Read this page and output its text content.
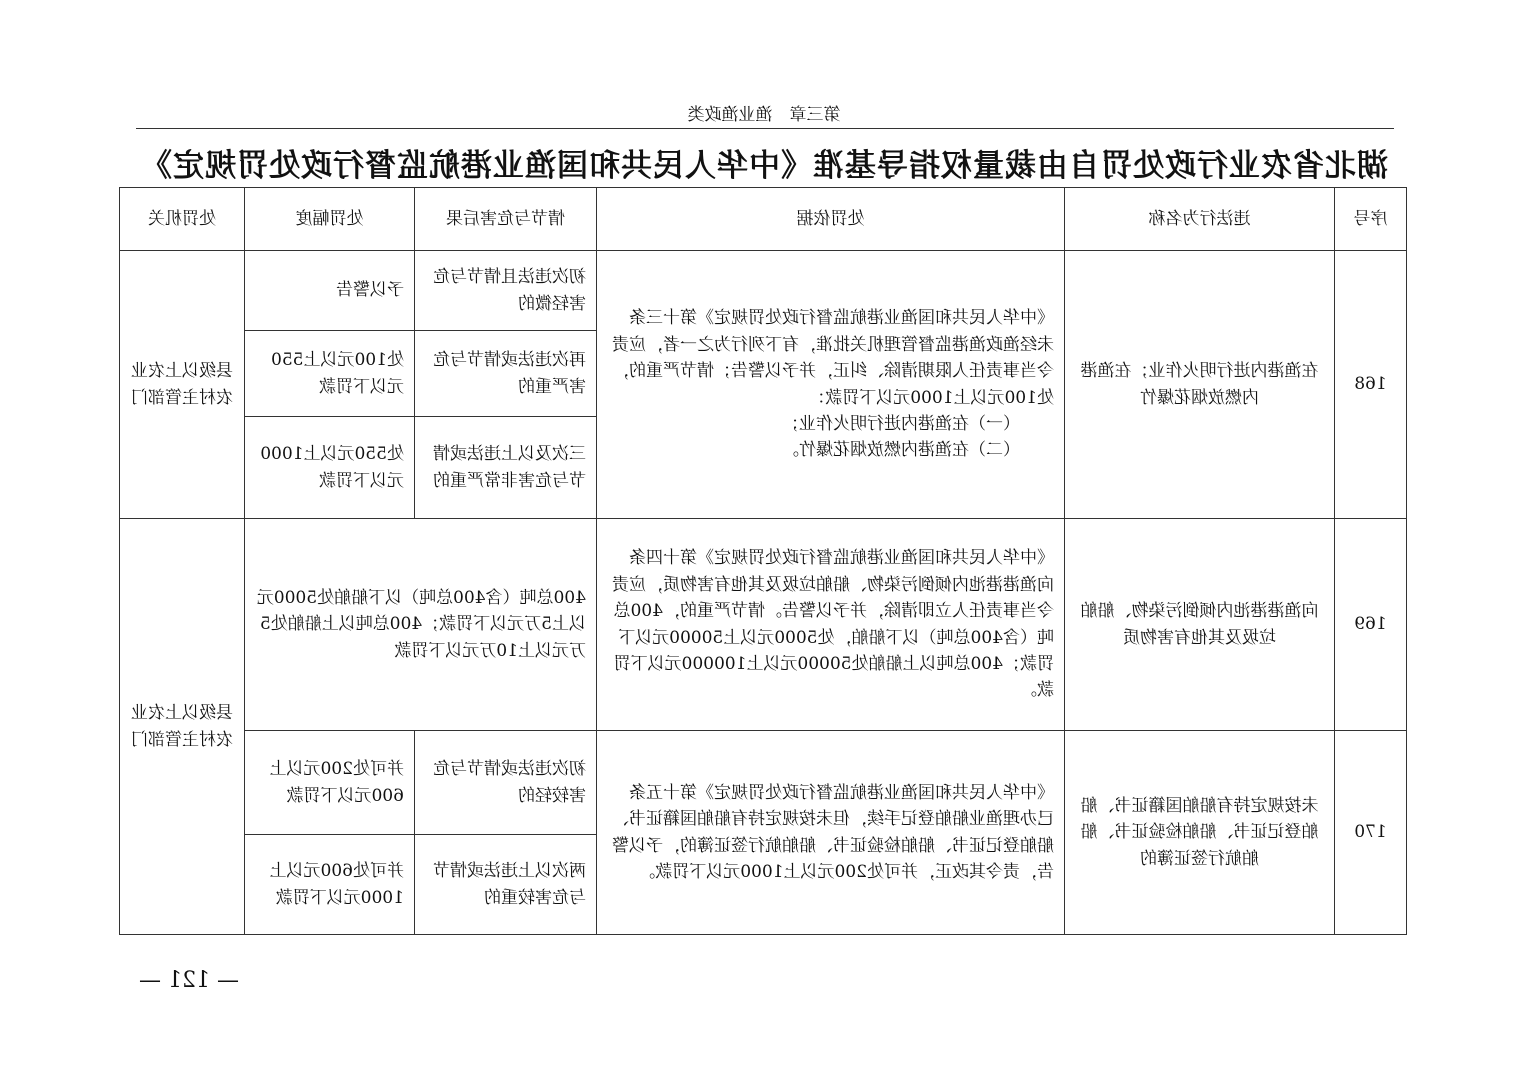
第三章　渔业渔政类
湖北省农业行政处罚自由裁量权指导基准《中华人民共和国渔业港航监督行政处罚规定》
序号	违法行为名称	处罚依据	情节与危害后果	处罚幅度	处罚机关
168	在渔港内进行明火作业；在渔港内燃放烟花爆竹	《中华人民共和国渔业港航监督行政处罚规定》第十三条　未经渔政渔港监督管理机关批准，有下列行为之一者，应责令当事责任人限期清除、纠正，并予以警告；情节严重的，处100元以上1000元以下罚款：
（一）在渔港内进行明火作业；
（二）在渔港内燃放烟花爆竹。	初次违法且情节与危害轻微的	予以警告	县级以上农业农村主管部门
			再次违法或情节与危害严重的	处100元以上550元以下罚款	
			三次及以上违法或情节与危害非常严重的	处550元以上1000元以下罚款	
169	向渔港港池内倾倒污染物、船舶垃圾及其他有害物质	《中华人民共和国渔业港航监督行政处罚规定》第十四条　向渔港港池内倾倒污染物、船舶垃圾及其他有害物质，应责令当事责任人立即清除，并予以警告。情节严重的，400总吨（含400总吨）以下船舶，处5000元以上50000元以下罚款；400总吨以上船舶处50000元以上100000元以下罚款。	400总吨（含400总吨）以下船舶处5000元以上5万元以下罚款；400总吨以上船舶处5万元以上10万元以下罚款		县级以上农业农村主管部门
170	未按规定持有船舶国籍证书、船舶登记证书、船舶检验证书、船舶航行签证簿的	《中华人民共和国渔业港航监督行政处罚规定》第十五条　已办理渔业船舶登记手续，但未按规定持有船舶国籍证书、船舶登记证书、船舶检验证书、船舶航行签证簿的，予以警告，责令其改正，并可处200元以上1000元以下罚款。	初次违法或情节与危害较轻的	并可处200元以上600元以下罚款	
			两次以上违法或情节与危害较重的	并可处600元以上1000元以下罚款	
— 121 —
